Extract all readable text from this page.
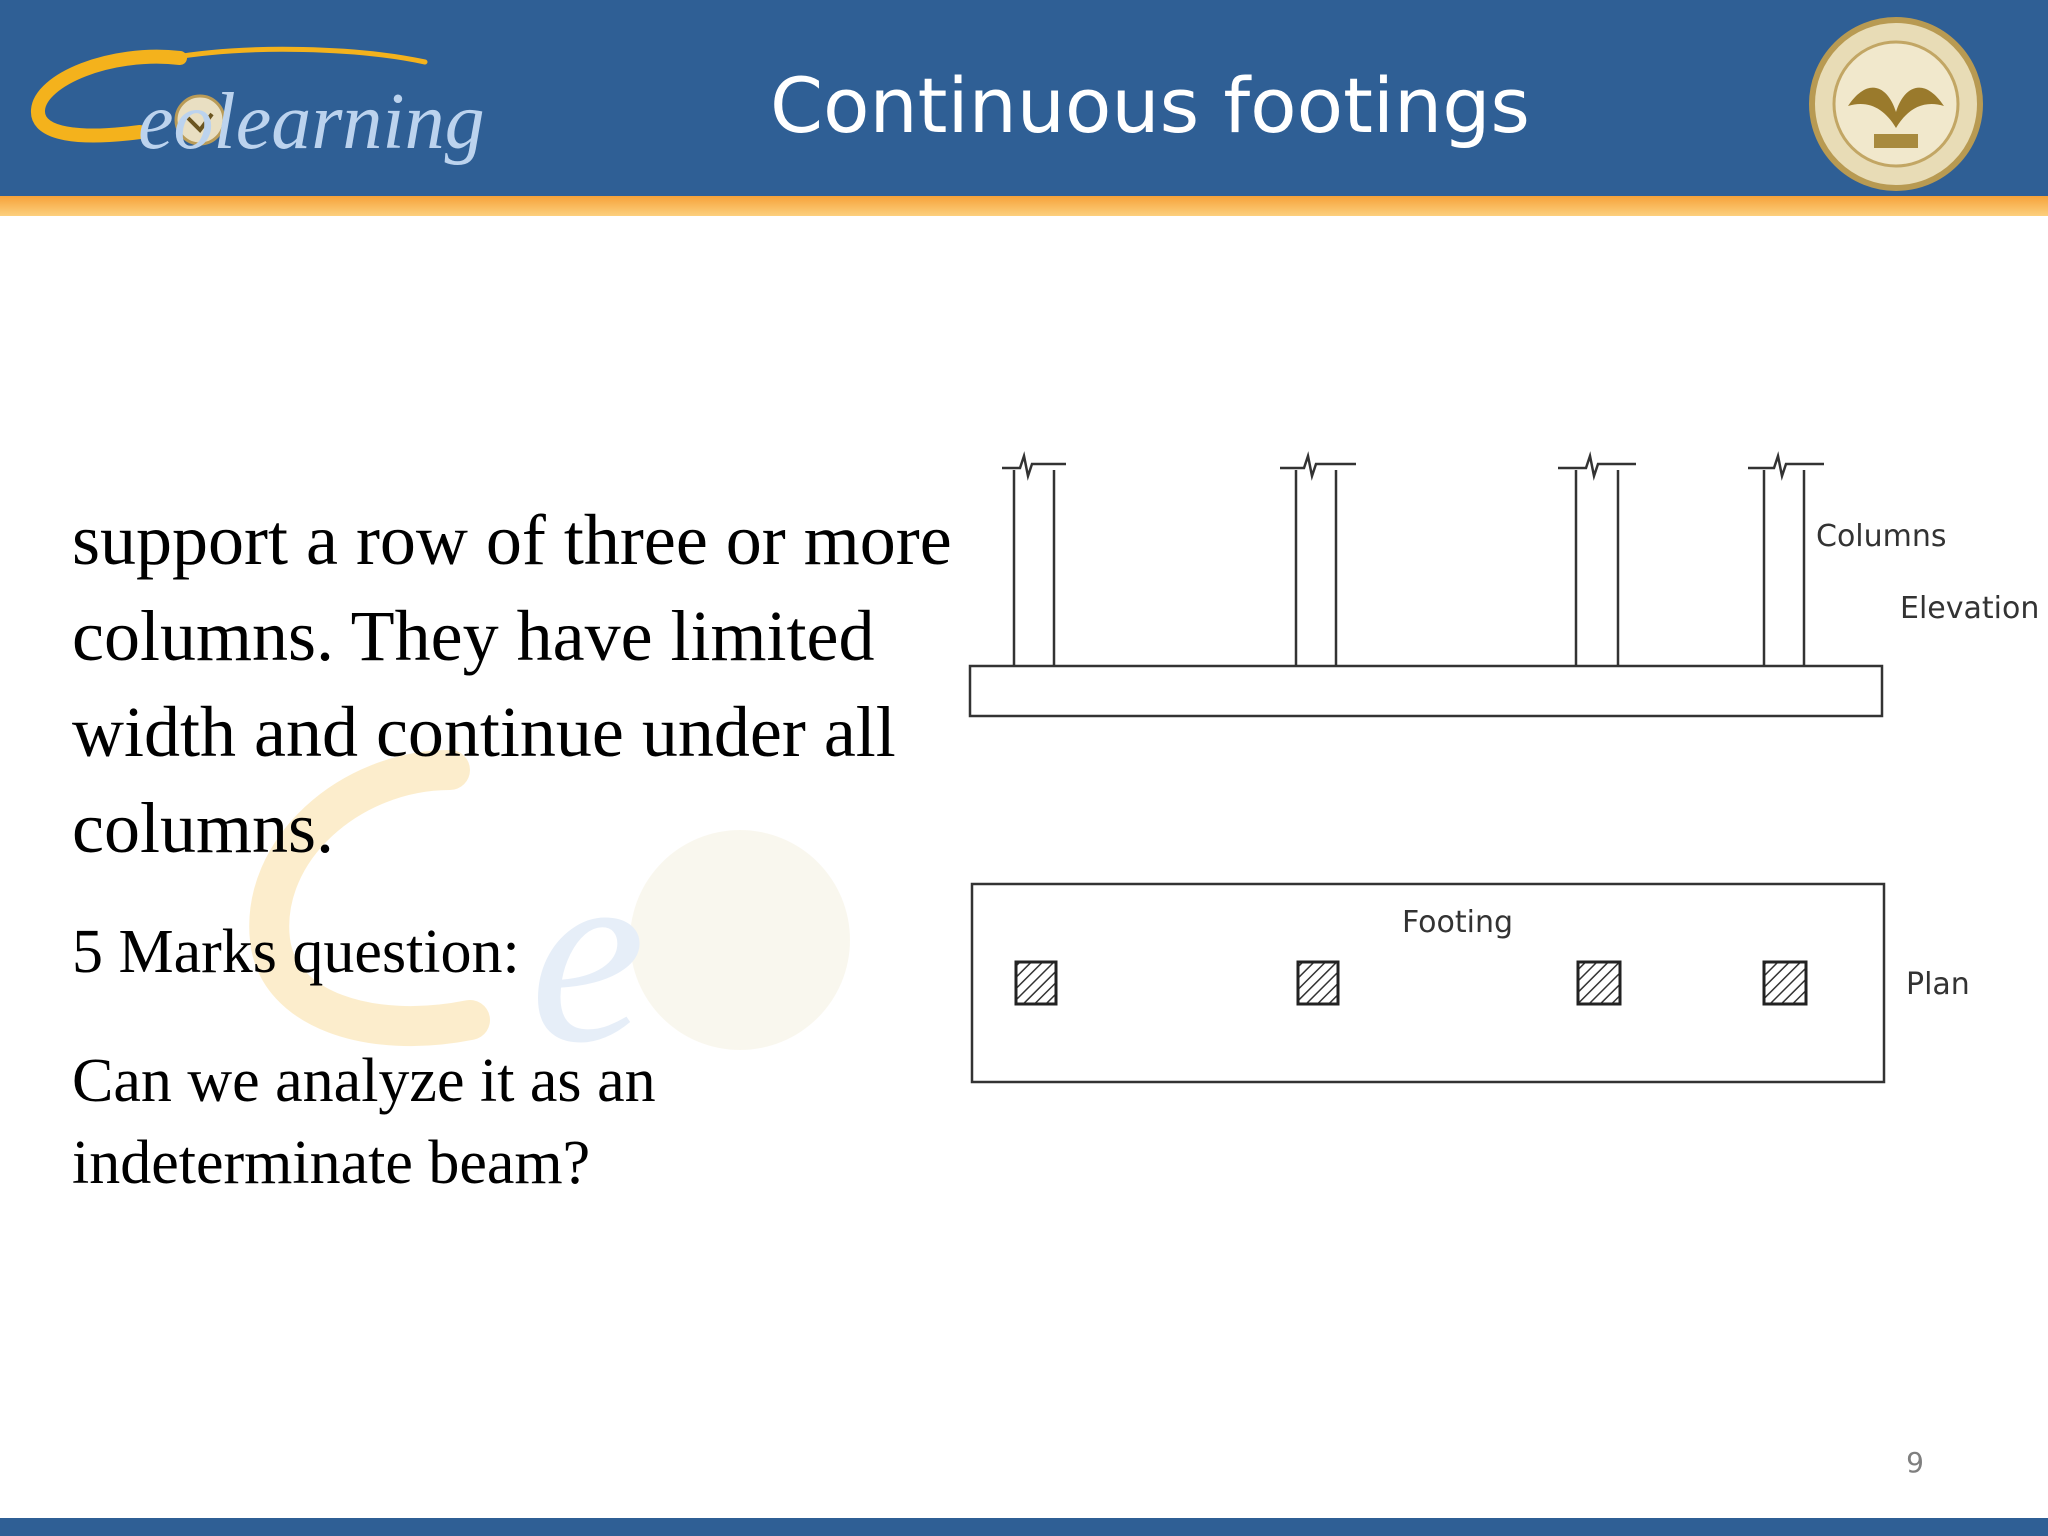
eolearning	Continuous footings
e
support a row of three or more columns. They have limited width and continue under all columns.
5 Marks question:
Can we analyze it as an indeterminate beam?
Columns
Elevation
Footing
Plan
9
